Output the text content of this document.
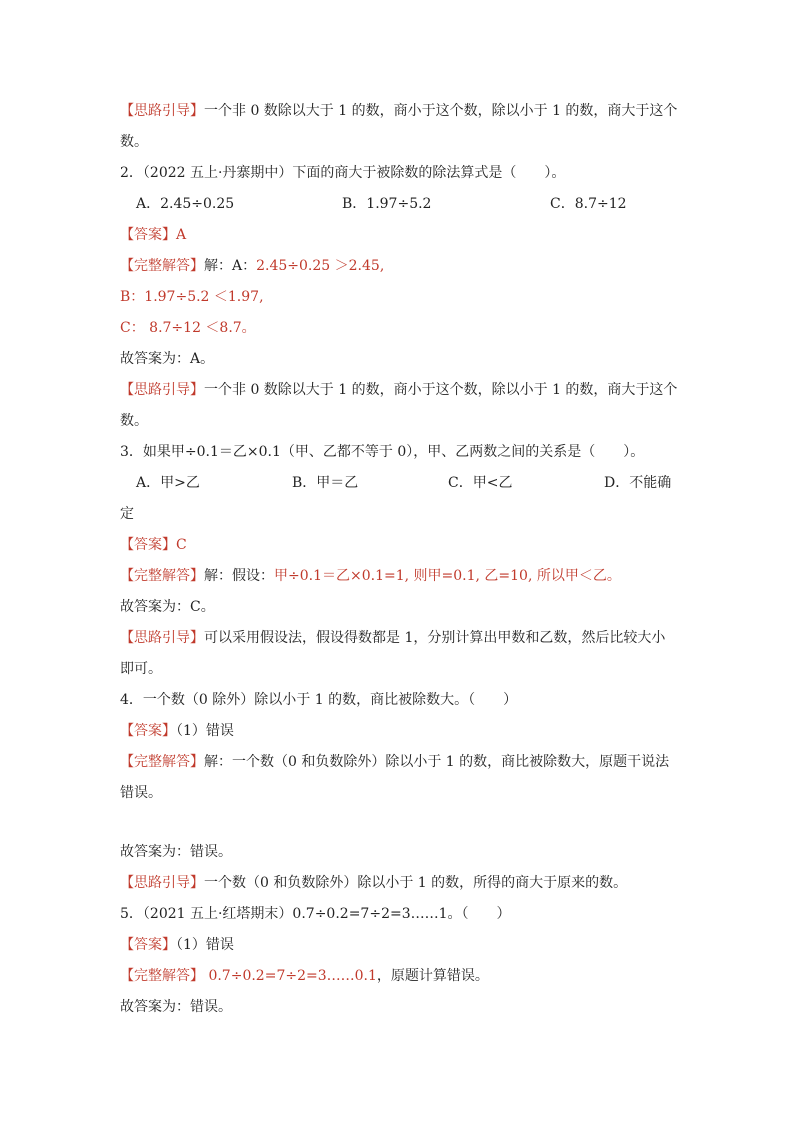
【思路引导】一个非 0 数除以大于 1 的数，商小于这个数，除以小于 1 的数，商大于这个

数。

2．（2022 五上·丹寨期中）下面的商大于被除数的除法算式是（　　）。

A．2.45÷0.25	B．1.97÷5.2	C．8.7÷12

【答案】A

【完整解答】解：A：2.45÷0.25 ＞2.45,

B：1.97÷5.2 ＜1.97,

C： 8.7÷12 ＜8.7。

故答案为：A。

【思路引导】一个非 0 数除以大于 1 的数，商小于这个数，除以小于 1 的数，商大于这个

数。

3．如果甲÷0.1＝乙×0.1（甲、乙都不等于 0），甲、乙两数之间的关系是（　　）。

A．甲>乙	B．甲＝乙	C．甲<乙	D．不能确

定

【答案】C

【完整解答】解：假设：甲÷0.1＝乙×0.1=1, 则甲=0.1, 乙=10, 所以甲＜乙。

故答案为：C。

【思路引导】可以采用假设法，假设得数都是 1，分别计算出甲数和乙数，然后比较大小

即可。

4．一个数（0 除外）除以小于 1 的数，商比被除数大。（　　）

【答案】（1）错误

【完整解答】解：一个数（0 和负数除外）除以小于 1 的数，商比被除数大，原题干说法

错误。

故答案为：错误。

【思路引导】一个数（0 和负数除外）除以小于 1 的数，所得的商大于原来的数。

5．（2021 五上·红塔期末）0.7÷0.2=7÷2=3……1。（　　）

【答案】（1）错误

【完整解答】 0.7÷0.2=7÷2=3……0.1，原题计算错误。

故答案为：错误。
